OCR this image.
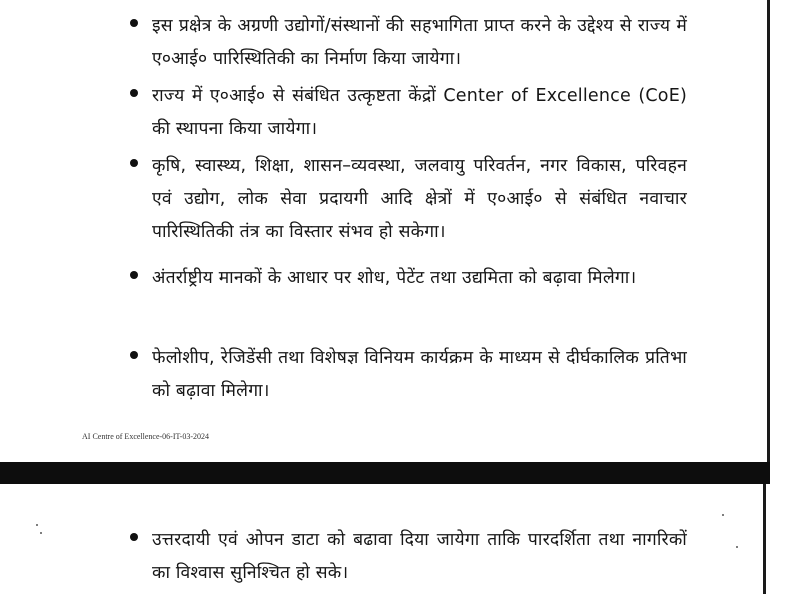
इस प्रक्षेत्र के अग्रणी उद्योगों/संस्थानों की सहभागिता प्राप्त करने के उद्देश्य से राज्य में ए०आई० पारिस्थितिकी का निर्माण किया जायेगा।
राज्य में ए०आई० से संबंधित उत्कृष्टता केंद्रों Center of Excellence (CoE) की स्थापना किया जायेगा।
कृषि, स्वास्थ्य, शिक्षा, शासन–व्यवस्था, जलवायु परिवर्तन, नगर विकास, परिवहन एवं उद्योग, लोक सेवा प्रदायगी आदि क्षेत्रों में ए०आई० से संबंधित नवाचार पारिस्थितिकी तंत्र का विस्तार संभव हो सकेगा।
अंतर्राष्ट्रीय मानकों के आधार पर शोध, पेटेंट तथा उद्यमिता को बढ़ावा मिलेगा।
फेलोशीप, रेजिडेंसी तथा विशेषज्ञ विनियम कार्यक्रम के माध्यम से दीर्घकालिक प्रतिभा को बढ़ावा मिलेगा।
AI Centre of Excellence-06-IT-03-2024
उत्तरदायी एवं ओपन डाटा को बढावा दिया जायेगा ताकि पारदर्शिता तथा नागरिकों का विश्वास सुनिश्चित हो सके।
